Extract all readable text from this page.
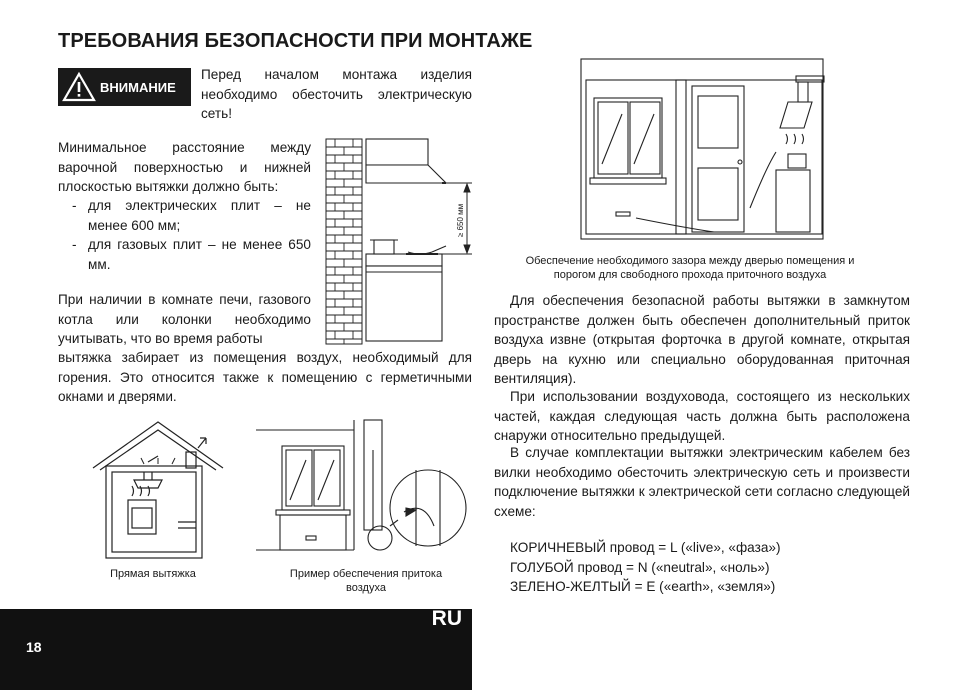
ТРЕБОВАНИЯ БЕЗОПАСНОСТИ ПРИ МОНТАЖЕ
ВНИМАНИЕ

Перед началом монтажа изделия необходимо обесточить электрическую сеть!

Минимальное расстояние между варочной поверхностью и нижней плоскостью вытяжки должно быть:

- для электрических плит – не менее 600 мм;
- для газовых плит – не менее 650 мм.
≥ 650 мм

При наличии в комнате печи, газового котла или колонки необходимо учитывать, что во время работы

вытяжка забирает из помещения воздух, необходимый для горения. Это относится также к помещению с герметичными окнами и дверями.

Прямая вытяжка	Пример обеспечения притока воздуха
Обеспечение необходимого зазора между дверью помещения и порогом для свободного прохода приточного воздуха

Для обеспечения безопасной работы вытяжки в замкнутом пространстве должен быть обеспечен дополнительный приток воздуха извне (открытая форточка в другой комнате, открытая дверь на кухню или специально оборудованная приточная вентиляция).

При использовании воздуховода, состоящего из нескольких частей, каждая следующая часть должна быть расположена снаружи относительно предыдущей.

В случае комплектации вытяжки электрическим кабелем без вилки необходимо обесточить электрическую сеть и произвести подключение вытяжки к электрической сети согласно следующей схеме:

КОРИЧНЕВЫЙ провод = L («live», «фаза»)
ГОЛУБОЙ провод = N («neutral», «ноль»)
ЗЕЛЕНО-ЖЕЛТЫЙ = E («earth», «земля»)
RU
18
